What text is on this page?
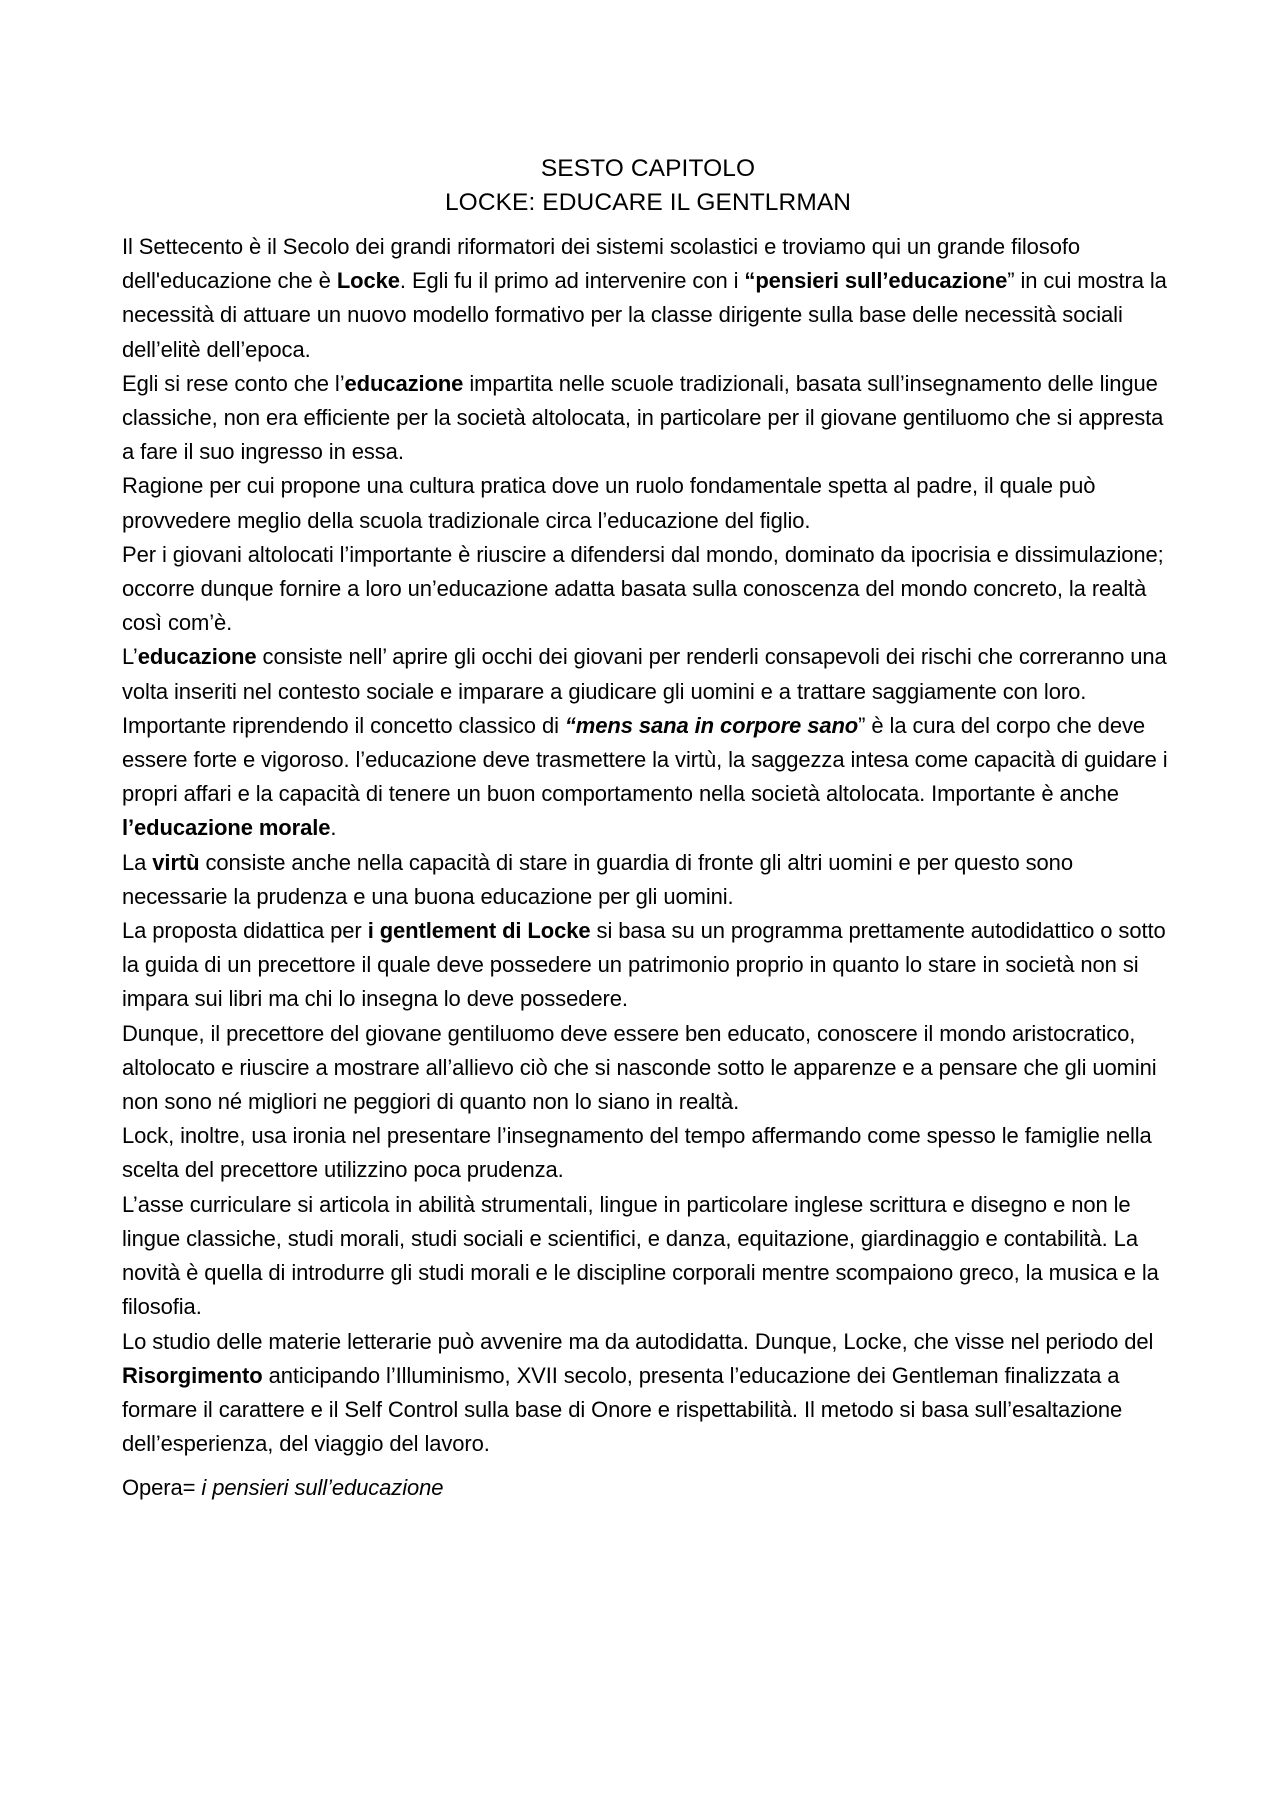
SESTO CAPITOLO
LOCKE: EDUCARE IL GENTLRMAN

Il Settecento è il Secolo dei grandi riformatori dei sistemi scolastici e troviamo qui un grande filosofo dell'educazione che è Locke. Egli fu il primo ad intervenire con i “pensieri sull’educazione” in cui mostra la necessità di attuare un nuovo modello formativo per la classe dirigente sulla base delle necessità sociali dell’elitè dell’epoca.

Egli si rese conto che l’educazione impartita nelle scuole tradizionali, basata sull’insegnamento delle lingue classiche, non era efficiente per la società altolocata, in particolare per il giovane gentiluomo che si appresta a fare il suo ingresso in essa.

Ragione per cui propone una cultura pratica dove un ruolo fondamentale spetta al padre, il quale può provvedere meglio della scuola tradizionale circa l’educazione del figlio.

Per i giovani altolocati l’importante è riuscire a difendersi dal mondo, dominato da ipocrisia e dissimulazione; occorre dunque fornire a loro un’educazione adatta basata sulla conoscenza del mondo concreto, la realtà così com’è.

L’educazione consiste nell’ aprire gli occhi dei giovani per renderli consapevoli dei rischi che correranno una volta inseriti nel contesto sociale e imparare a giudicare gli uomini e a trattare saggiamente con loro. Importante riprendendo il concetto classico di “mens sana in corpore sano” è la cura del corpo che deve essere forte e vigoroso. l’educazione deve trasmettere la virtù, la saggezza intesa come capacità di guidare i propri affari e la capacità di tenere un buon comportamento nella società altolocata. Importante è anche l’educazione morale.

La virtù consiste anche nella capacità di stare in guardia di fronte gli altri uomini e per questo sono necessarie la prudenza e una buona educazione per gli uomini.

La proposta didattica per i gentlement di Locke si basa su un programma prettamente autodidattico o sotto la guida di un precettore il quale deve possedere un patrimonio proprio in quanto lo stare in società non si impara sui libri ma chi lo insegna lo deve possedere.

Dunque, il precettore del giovane gentiluomo deve essere ben educato, conoscere il mondo aristocratico, altolocato e riuscire a mostrare all’allievo ciò che si nasconde sotto le apparenze e a pensare che gli uomini non sono né migliori ne peggiori di quanto non lo siano in realtà.

Lock, inoltre, usa ironia nel presentare l’insegnamento del tempo affermando come spesso le famiglie nella scelta del precettore utilizzino poca prudenza.

L’asse curriculare si articola in abilità strumentali, lingue in particolare inglese scrittura e disegno e non le lingue classiche, studi morali, studi sociali e scientifici, e danza, equitazione, giardinaggio e contabilità. La novità è quella di introdurre gli studi morali e le discipline corporali mentre scompaiono greco, la musica e la filosofia.

Lo studio delle materie letterarie può avvenire ma da autodidatta. Dunque, Locke, che visse nel periodo del Risorgimento anticipando l’Illuminismo, XVII secolo, presenta l’educazione dei Gentleman finalizzata a formare il carattere e il Self Control sulla base di Onore e rispettabilità. Il metodo si basa sull’esaltazione dell’esperienza, del viaggio del lavoro.

Opera= i pensieri sull’educazione
